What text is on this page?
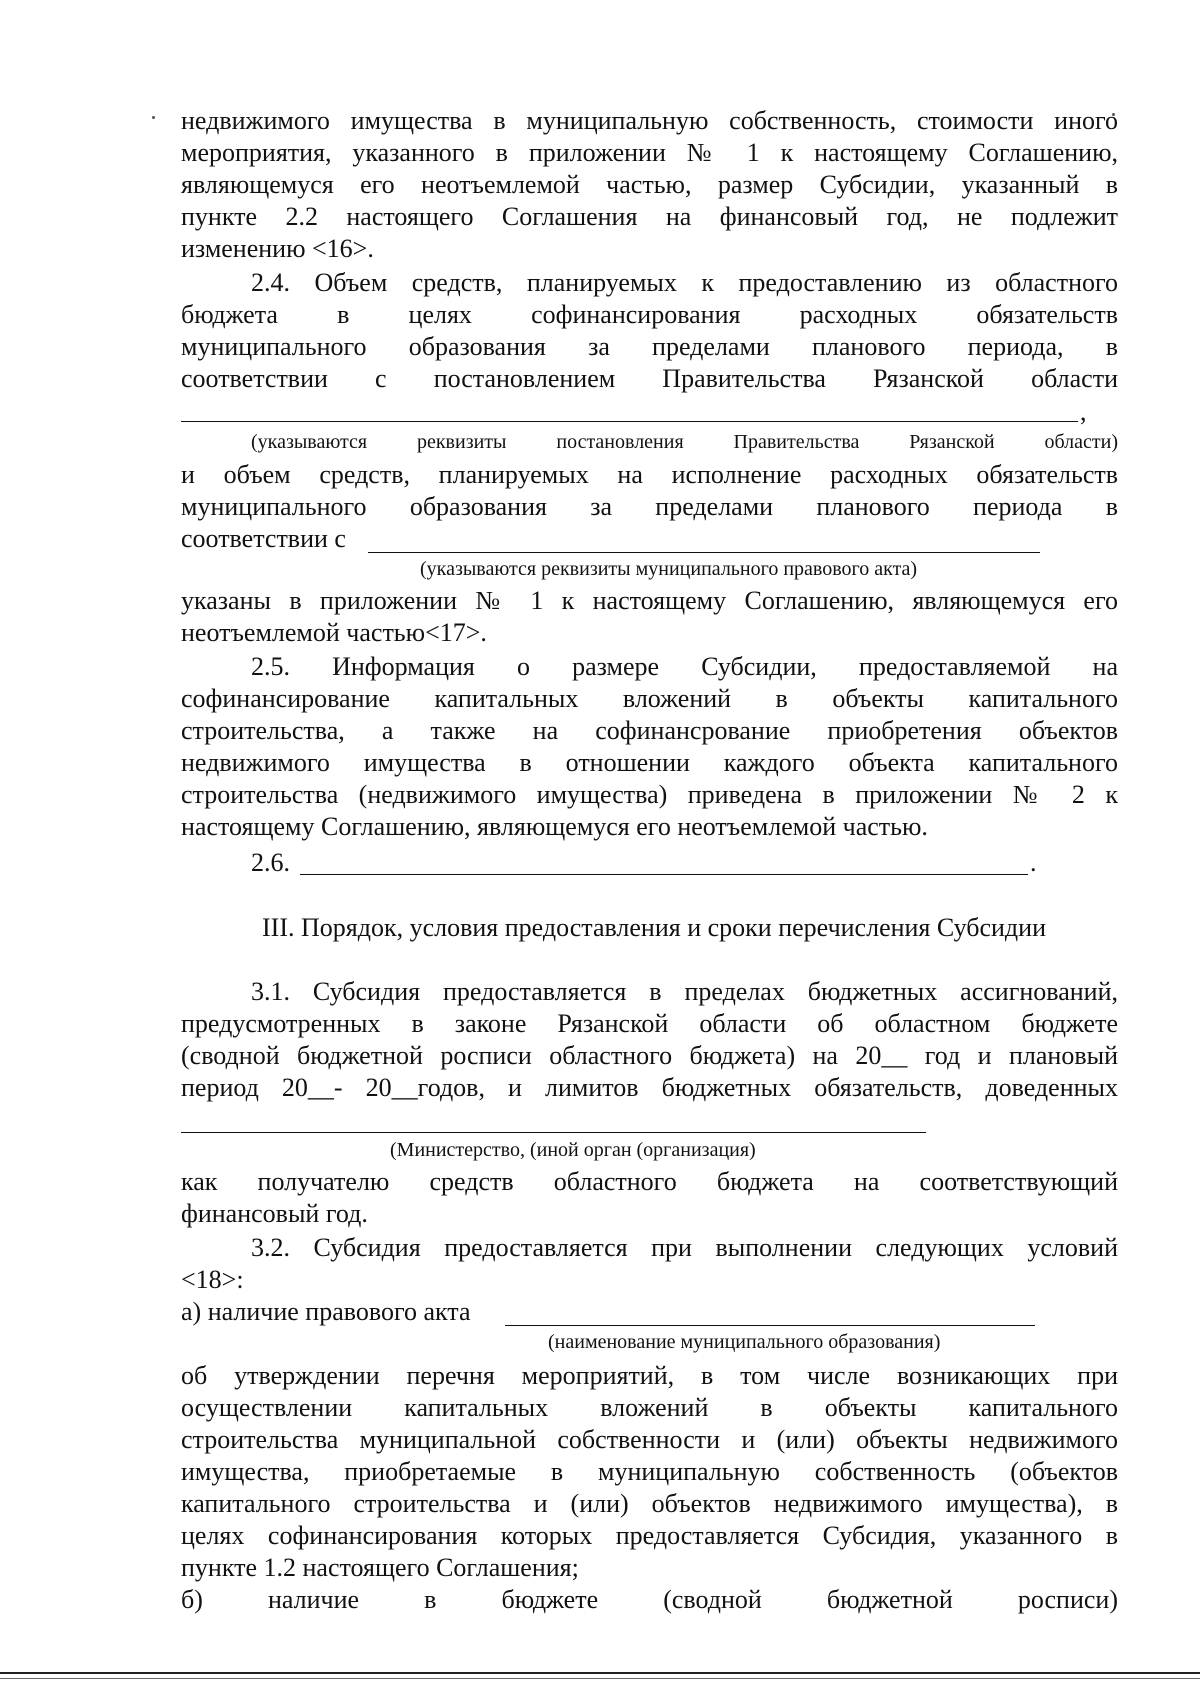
недвижимого имущества в муниципальную собственность, стоимости иного
мероприятия, указанного в приложении № 1 к настоящему Соглашению,
являющемуся его неотъемлемой частью, размер Субсидии, указанный в
пункте 2.2 настоящего Соглашения на финансовый год, не подлежит
изменению <16>.
2.4. Объем средств, планируемых к предоставлению из областного
бюджета в целях софинансирования расходных обязательств
муниципального образования за пределами планового периода, в
соответствии с постановлением Правительства Рязанской области
,
(указываются реквизиты постановления Правительства Рязанской области)
и объем средств, планируемых на исполнение расходных обязательств
муниципального образования за пределами планового периода в
соответствии с
(указываются реквизиты муниципального правового акта)
указаны в приложении № 1 к настоящему Соглашению, являющемуся его
неотъемлемой частью<17>.
2.5. Информация о размере Субсидии, предоставляемой на
софинансирование капитальных вложений в объекты капитального
строительства, а также на софинансрование приобретения объектов
недвижимого имущества в отношении каждого объекта капитального
строительства (недвижимого имущества) приведена в приложении № 2 к
настоящему Соглашению, являющемуся его неотъемлемой частью.
2.6.	.
III. Порядок, условия предоставления и сроки перечисления Субсидии
3.1. Субсидия предоставляется в пределах бюджетных ассигнований,
предусмотренных в законе Рязанской области об областном бюджете
(сводной бюджетной росписи областного бюджета) на 20__ год и плановый
период 20__- 20__годов, и лимитов бюджетных обязательств, доведенных
(Министерство, (иной орган (организация)
как получателю средств областного бюджета на соответствующий
финансовый год.
3.2. Субсидия предоставляется при выполнении следующих условий
<18>:
а) наличие правового акта
(наименование муниципального образования)
об утверждении перечня мероприятий, в том числе возникающих при
осуществлении капитальных вложений в объекты капитального
строительства муниципальной собственности и (или) объекты недвижимого
имущества, приобретаемые в муниципальную собственность (объектов
капитального строительства и (или) объектов недвижимого имущества), в
целях софинансирования которых предоставляется Субсидия, указанного в
пункте 1.2 настоящего Соглашения;
б) наличие в бюджете (сводной бюджетной росписи)
